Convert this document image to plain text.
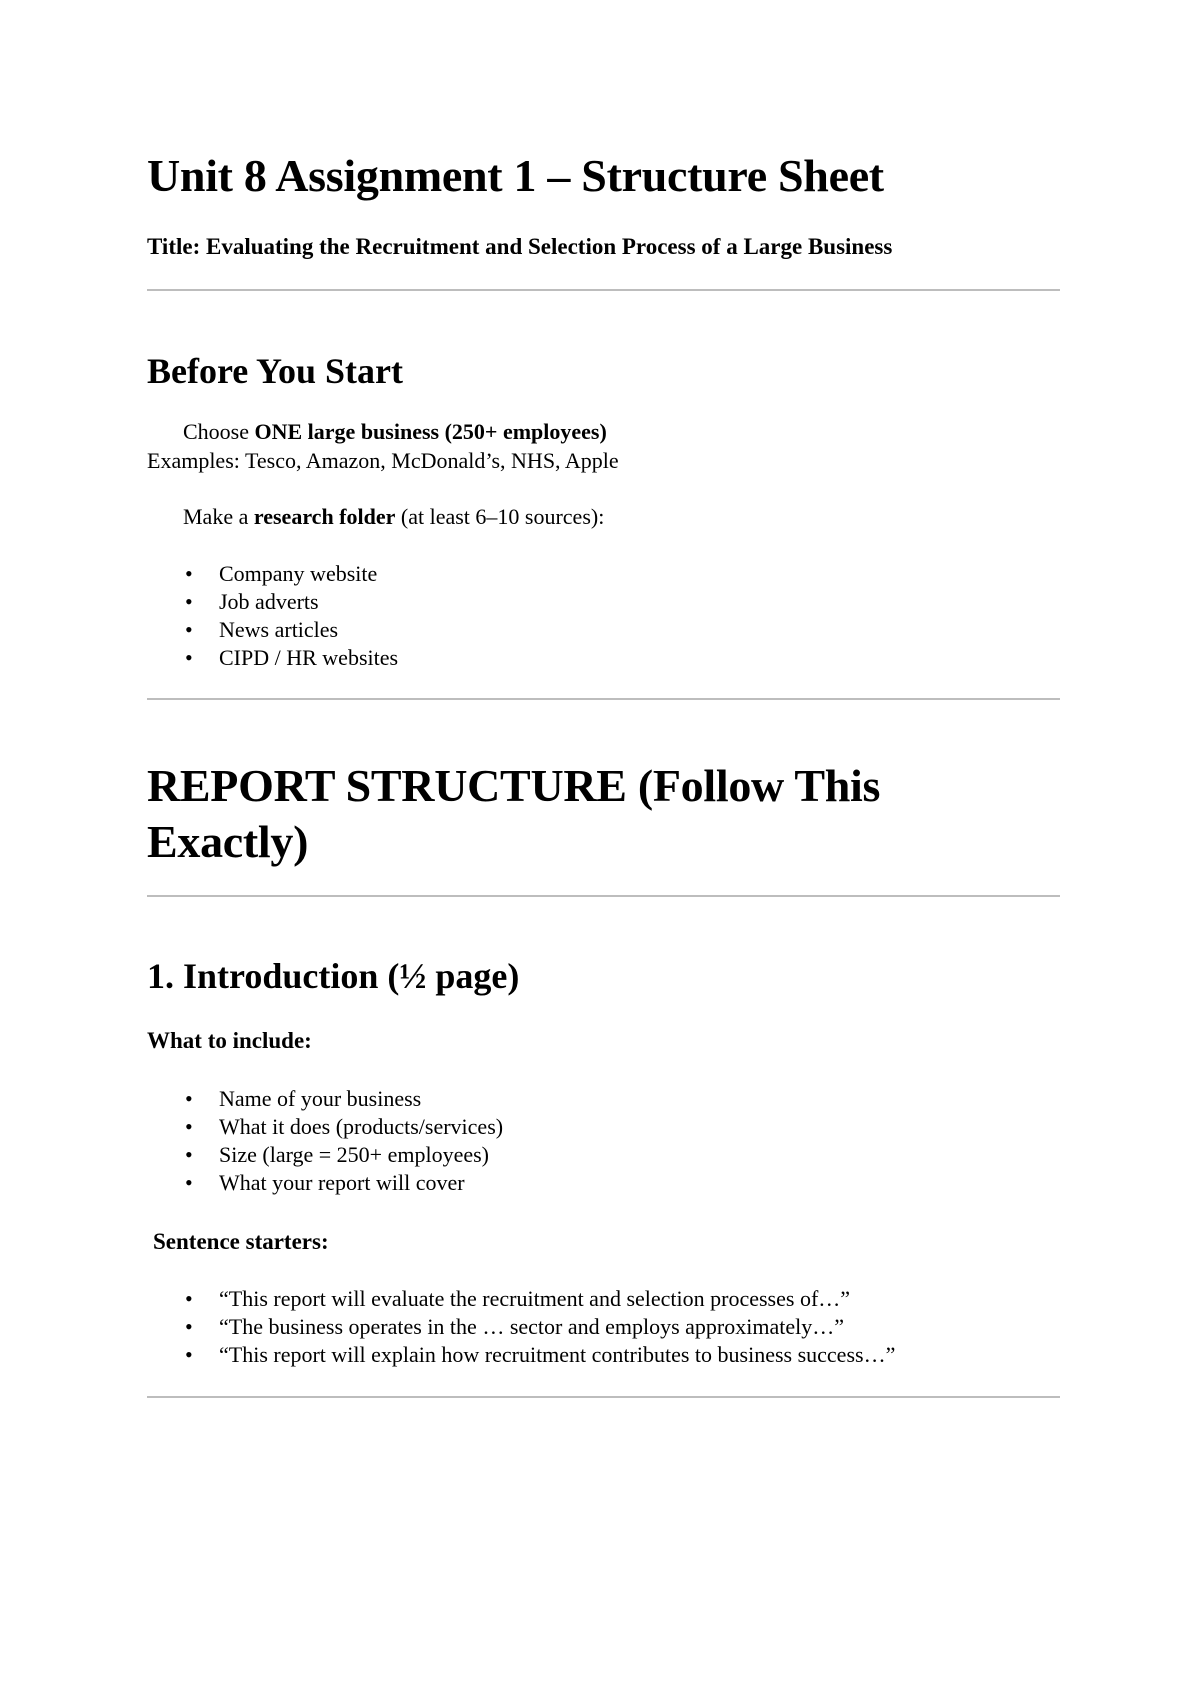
Unit 8 Assignment 1 – Structure Sheet
Title: Evaluating the Recruitment and Selection Process of a Large Business
Before You Start
Choose ONE large business (250+ employees)
Examples: Tesco, Amazon, McDonald’s, NHS, Apple
Make a research folder (at least 6–10 sources):
• Company website
• Job adverts
• News articles
• CIPD / HR websites
REPORT STRUCTURE (Follow This Exactly)
1. Introduction (½ page)
What to include:
• Name of your business
• What it does (products/services)
• Size (large = 250+ employees)
• What your report will cover
Sentence starters:
• “This report will evaluate the recruitment and selection processes of…”
• “The business operates in the … sector and employs approximately…”
• “This report will explain how recruitment contributes to business success…”
